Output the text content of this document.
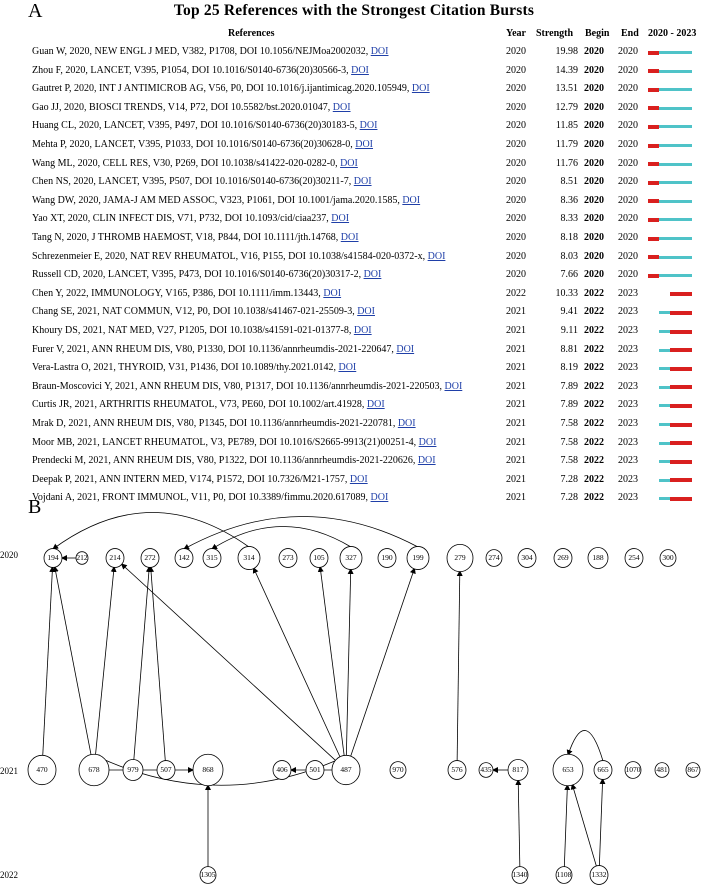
A	Top 25 References with the Strongest Citation Bursts
References	Year Strength Begin End 2020 - 2023
Guan W, 2020, NEW ENGL J MED, V382, P1708, DOI 10.1056/NEJMoa2002032, DOI	2020	19.98 2020 2020
Zhou F, 2020, LANCET, V395, P1054, DOI 10.1016/S0140-6736(20)30566-3, DOI	2020	14.39 2020 2020
Gautret P, 2020, INT J ANTIMICROB AG, V56, P0, DOI 10.1016/j.ijantimicag.2020.105949, DOI	2020	13.51 2020 2020
Gao JJ, 2020, BIOSCI TRENDS, V14, P72, DOI 10.5582/bst.2020.01047, DOI	2020	12.79 2020 2020
Huang CL, 2020, LANCET, V395, P497, DOI 10.1016/S0140-6736(20)30183-5, DOI	2020	11.85 2020 2020
Mehta P, 2020, LANCET, V395, P1033, DOI 10.1016/S0140-6736(20)30628-0, DOI	2020	11.79 2020 2020
Wang ML, 2020, CELL RES, V30, P269, DOI 10.1038/s41422-020-0282-0, DOI	2020	11.76 2020 2020
Chen NS, 2020, LANCET, V395, P507, DOI 10.1016/S0140-6736(20)30211-7, DOI	2020	8.51 2020 2020
Wang DW, 2020, JAMA-J AM MED ASSOC, V323, P1061, DOI 10.1001/jama.2020.1585, DOI	2020	8.36 2020 2020
Yao XT, 2020, CLIN INFECT DIS, V71, P732, DOI 10.1093/cid/ciaa237, DOI	2020	8.33 2020 2020
Tang N, 2020, J THROMB HAEMOST, V18, P844, DOI 10.1111/jth.14768, DOI	2020	8.18 2020 2020
Schrezenmeier E, 2020, NAT REV RHEUMATOL, V16, P155, DOI 10.1038/s41584-020-0372-x, DOI	2020	8.03 2020 2020
Russell CD, 2020, LANCET, V395, P473, DOI 10.1016/S0140-6736(20)30317-2, DOI	2020	7.66 2020 2020
Chen Y, 2022, IMMUNOLOGY, V165, P386, DOI 10.1111/imm.13443, DOI	2022	10.33 2022 2023
Chang SE, 2021, NAT COMMUN, V12, P0, DOI 10.1038/s41467-021-25509-3, DOI	2021	9.41 2022 2023
Khoury DS, 2021, NAT MED, V27, P1205, DOI 10.1038/s41591-021-01377-8, DOI	2021	9.11 2022 2023
Furer V, 2021, ANN RHEUM DIS, V80, P1330, DOI 10.1136/annrheumdis-2021-220647, DOI	2021	8.81 2022 2023
Vera-Lastra O, 2021, THYROID, V31, P1436, DOI 10.1089/thy.2021.0142, DOI	2021	8.19 2022 2023
Braun-Moscovici Y, 2021, ANN RHEUM DIS, V80, P1317, DOI 10.1136/annrheumdis-2021-220503, DOI	2021	7.89 2022 2023
Curtis JR, 2021, ARTHRITIS RHEUMATOL, V73, PE60, DOI 10.1002/art.41928, DOI	2021	7.89 2022 2023
Mrak D, 2021, ANN RHEUM DIS, V80, P1345, DOI 10.1136/annrheumdis-2021-220781, DOI	2021	7.58 2022 2023
Moor MB, 2021, LANCET RHEUMATOL, V3, PE789, DOI 10.1016/S2665-9913(21)00251-4, DOI	2021	7.58 2022 2023
Prendecki M, 2021, ANN RHEUM DIS, V80, P1322, DOI 10.1136/annrheumdis-2021-220626, DOI	2021	7.58 2022 2023
Deepak P, 2021, ANN INTERN MED, V174, P1572, DOI 10.7326/M21-1757, DOI	2021	7.28 2022 2023
Vojdani A, 2021, FRONT IMMUNOL, V11, P0, DOI 10.3389/fimmu.2020.617089, DOI	2021	7.28 2022 2023
B
194 212	214	272	142 315	314	273	105	327	190	199	279	274	304	269	188	254	300
470	678	979	507	868	406	501	487	970	576 435	817	653	665 1070 481	867
1305	1340	1108	1332
2020
2021
2022
